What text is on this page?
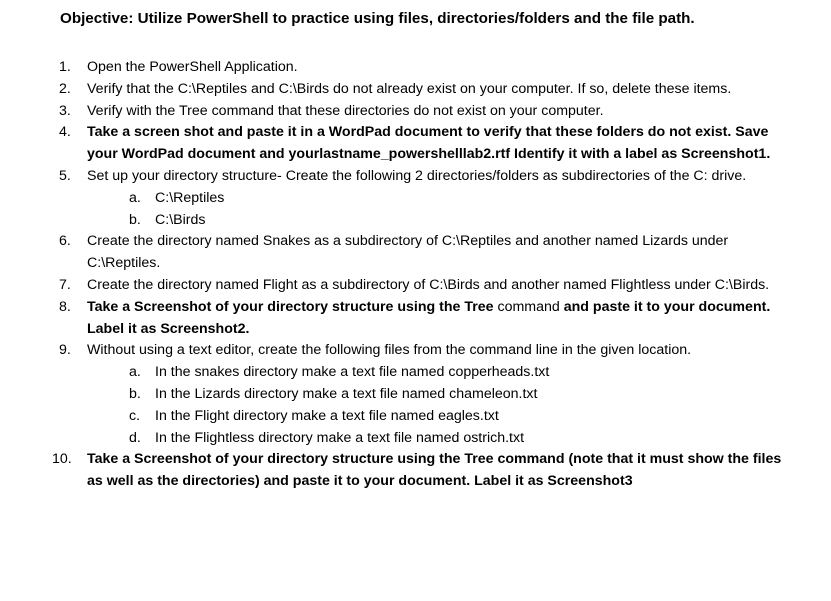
Objective: Utilize PowerShell to practice using files, directories/folders and the file path.
1. Open the PowerShell Application.
2. Verify that the C:\Reptiles and C:\Birds do not already exist on your computer. If so, delete these items.
3. Verify with the Tree command that these directories do not exist on your computer.
4. Take a screen shot and paste it in a WordPad document to verify that these folders do not exist. Save your WordPad document and yourlastname_powershelllab2.rtf Identify it with a label as Screenshot1.
5. Set up your directory structure- Create the following 2 directories/folders as subdirectories of the C: drive.
a. C:\Reptiles
b. C:\Birds
6. Create the directory named Snakes as a subdirectory of C:\Reptiles and another named Lizards under C:\Reptiles.
7. Create the directory named Flight as a subdirectory of C:\Birds and another named Flightless under C:\Birds.
8. Take a Screenshot of your directory structure using the Tree command and paste it to your document. Label it as Screenshot2.
9. Without using a text editor, create the following files from the command line in the given location.
a. In the snakes directory make a text file named copperheads.txt
b. In the Lizards directory make a text file named chameleon.txt
c. In the Flight directory make a text file named eagles.txt
d. In the Flightless directory make a text file named ostrich.txt
10. Take a Screenshot of your directory structure using the Tree command (note that it must show the files as well as the directories) and paste it to your document. Label it as Screenshot3
